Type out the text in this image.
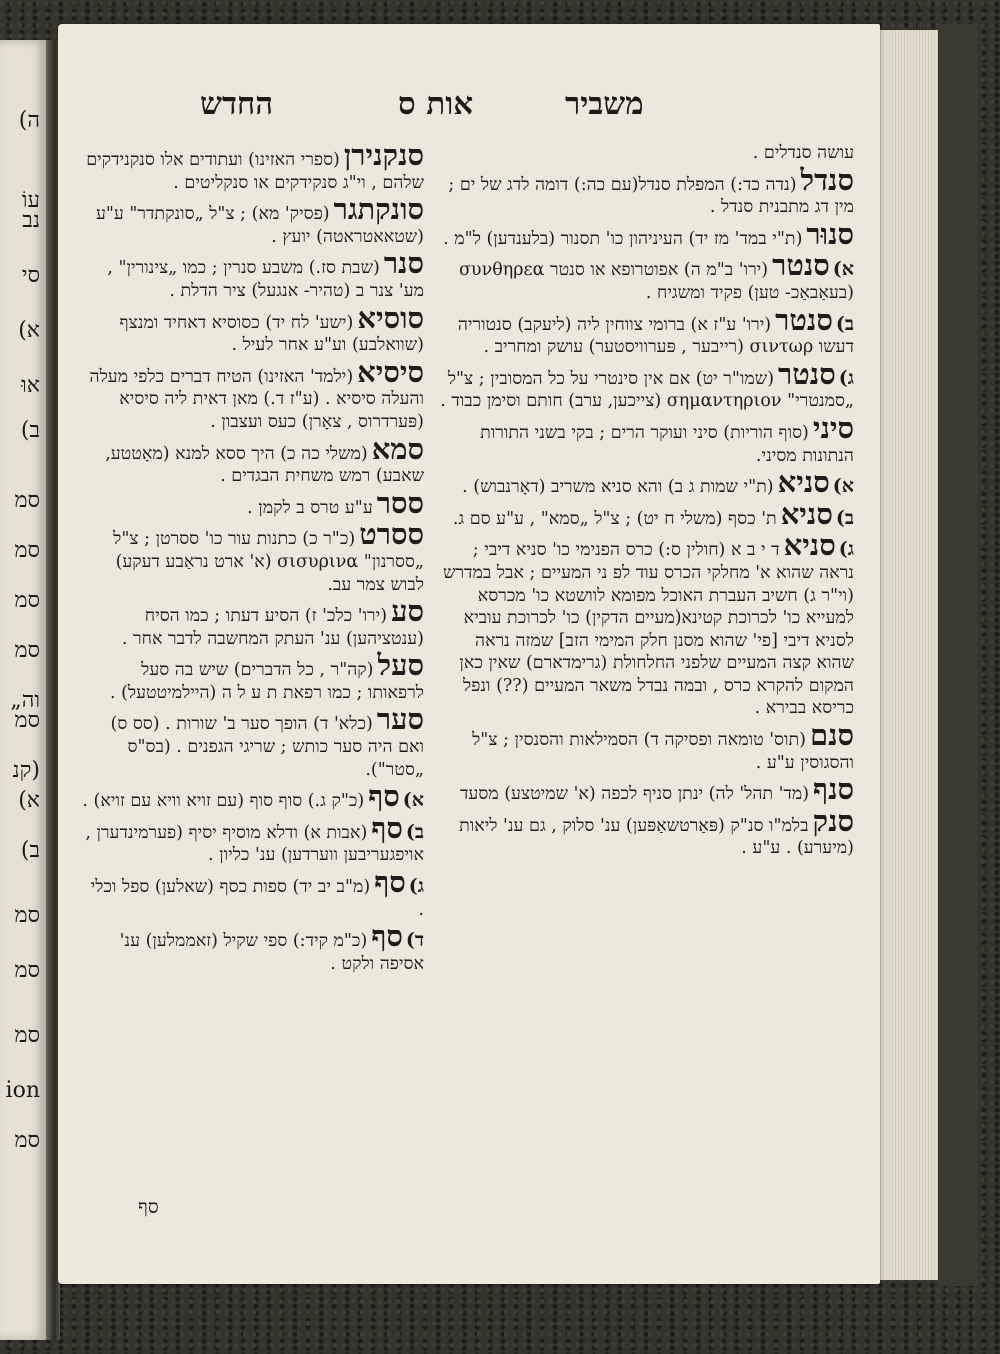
ה)
עוֹ
נב
סי
א)
אוּ
ב)
סמ
סמ
סמ
סמ
וה„
סמ
(קנ
א)
ב)
סמ
סמ
סמ
ion
סמ
החדש	אות ס	משביר
עושה סנדלים .
סנדל(נדה כד:) המפלת סנדל(עם כה:) דומה לדג של ים ; מין דג מתבנית סנדל .
סנוּר(ת"י במד' מז יד) העיניהון כו' תסנור (בלענדען) ל"מ .
א)סנטר(ירו' ב"מ ה) אפוטרופא או סנטר συνθηρεα (בעאַבאַכ- טען) פקיד ומשגיח .
ב)סנטר(ירו' ע"ז א) ברומי צווחין ליה (ליעקב) סנטוריה דעשו σιντωρ (רייבער , פּערוויסטער) עושק ומחריב .
ג)סנטר(שמו"ר יט) אם אין סינטרי על כל המסובין ; צ"ל „סמנטרי" σημαντηριον (צייכען, ערב) חותם וסימן כבוד .
סיני(סוף הוריות) סיני ועוקר הרים ; בקי בשני התורות הנתונות מסיני.
א)סניא(ת"י שמות ג ב) והא סניא משריב (דאָרנבוש) .
ב)סניאת' כסף (משלי ח יט) ; צ"ל „סמא" , ע"ע סם ג.
ג)סניאד י ב א (חולין ס:) כרס הפנימי כו' סניא דיבי ; נראה שהוא א' מחלקי הכרס עוד לפ ני המעיים ; אבל במדרש (וי"ר ג) חשיב העברת האוכל מפומא לוושטא כו' מכרסא למעייא כו' לכרוכת קטינא(מעיים הדקין) כו' לכרוכת עוביא לסניא דיבי [פי' שהוא מסנן חלק המימי הזב] שמזה נראה שהוא קצה המעיים שלפני החלחולת (גרימדארם) שאין כאן המקום להקרא כרס , ובמה נבדל משאר המעיים (??) ונפל כריסא בבירא .
סנם(תוס' טומאה ופסיקה ד) הסמילאות והסנסין ; צ"ל והסגוסין ע"ע .
סנף(מד' תהל' לה) ינתן סניף לכפה (א' שמיטצע) מסעד
סנקבלמ"ו סנ"ק (פּאַרטשאַפּען) ענ' סלוק , גם ענ' ליאות (מיערע) . ע"ע .
סנקנירן(ספרי האזינו) ועתודים אלו סנקנידקים שלהם , וי"ג סנקידקים או סנקליטים .
סונקתגר(פסיק' מא) ; צ"ל „סונקתדר" ע"ע (שטאאטראטה) יועץ .
סנר(שבת סז.) משבע סנרין ; כמו „צינורין" , מע' צנר ב (טהיר- אנגעל) ציר הדלת .
סוסיא(ישע' לח יד) כסוסיא דאחיד ומנצף (שוואלבע) וע"ע אחר לעיל .
סיסיא(ילמד' האזינו) הטיח דברים כלפי מעלה והעלה סיסיא . (ע"ז ד.) מאן דאית ליה סיסיא (פּערדרוס , צאָרן) כעס ועצבון .
סמא(משלי כה כ) היך ססא למנא (מאָטטע, שאבע) רמש משחית הבגדים .
ססרע"ע טרס ב לקמן .
ססרט(כ"ר כ) כתנות עור כו' ססרטן ; צ"ל „ססרנון" σισυρινα (א' ארט נראַבע דעקע) לבוש צמר עב.
סע(ירו' כלכ' ז) הסיע דעתו ; כמו הסיח (ענטציהען) ענ' העתק המחשבה לדבר אחר .
סעל(קה"ר , כל הדברים) שיש בה סעל לרפאותו ; כמו רפאת ת ע ל ה (היילמיטטעל) .
סער(כלא' ד) הופך סער ב' שורות . (סס ס) ואם היה סער כותש ; שריגי הגפנים . (בס"ס „סטר").
א)סף(כ"ק ג.) סוף סוף (עם זויא וויא עם זויא) .
ב)סף(אבות א) ודלא מוסיף יסיף (פערמינדערן , אויפגעריבען ווערדען) ענ' כליון .
ג)סף(מ"ב יב יד) ספות כסף (שאלען) ספל וכלי .
ד)סף(כ"מ קיד:) ספי שקיל (זאממלען) ענ' אסיפה ולקט .
סף
